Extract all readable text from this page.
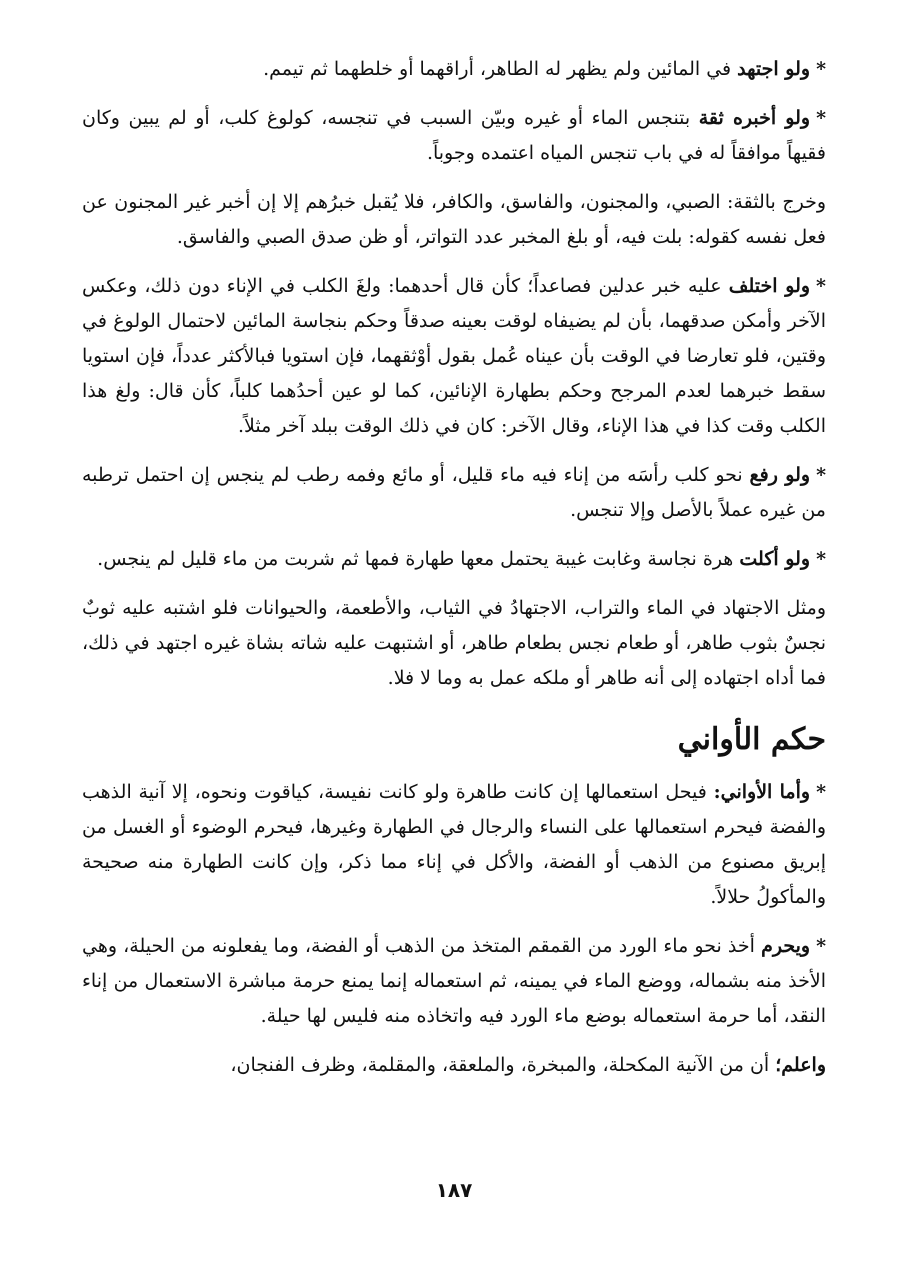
*ولو اجتهد في المائين ولم يظهر له الطاهر، أراقهما أو خلطهما ثم تيمم.
*ولو أخبره ثقة بتنجس الماء أو غيره وبيّن السبب في تنجسه، كولوغ كلب، أو لم يبين وكان فقيهاً موافقاً له في باب تنجس المياه اعتمده وجوباً.
وخرج بالثقة: الصبي، والمجنون، والفاسق، والكافر، فلا يُقبل خبرُهم إلا إن أخبر غير المجنون عن فعل نفسه كقوله: بلت فيه، أو بلغ المخبر عدد التواتر، أو ظن صدق الصبي والفاسق.
*ولو اختلف عليه خبر عدلين فصاعداً؛ كأن قال أحدهما: ولغَ الكلب في الإناء دون ذلك، وعكس الآخر وأمكن صدقهما، بأن لم يضيفاه لوقت بعينه صدقاً وحكم بنجاسة المائين لاحتمال الولوغ في وقتين، فلو تعارضا في الوقت بأن عيناه عُمل بقول أوْثقهما، فإن استويا فبالأكثر عدداً، فإن استويا سقط خبرهما لعدم المرجح وحكم بطهارة الإنائين، كما لو عين أحدُهما كلباً، كأن قال: ولغ هذا الكلب وقت كذا في هذا الإناء، وقال الآخر: كان في ذلك الوقت ببلد آخر مثلاً.
*ولو رفع نحو كلب رأسَه من إناء فيه ماء قليل، أو مائع وفمه رطب لم ينجس إن احتمل ترطبه من غيره عملاً بالأصل وإلا تنجس.
*ولو أكلت هرة نجاسة وغابت غيبة يحتمل معها طهارة فمها ثم شربت من ماء قليل لم ينجس.
ومثل الاجتهاد في الماء والتراب، الاجتهادُ في الثياب، والأطعمة، والحيوانات فلو اشتبه عليه ثوبٌ نجسٌ بثوب طاهر، أو طعام نجس بطعام طاهر، أو اشتبهت عليه شاته بشاة غيره اجتهد في ذلك، فما أداه اجتهاده إلى أنه طاهر أو ملكه عمل به وما لا فلا.
حكم الأواني
*وأما الأواني: فيحل استعمالها إن كانت طاهرة ولو كانت نفيسة، كياقوت ونحوه، إلا آنية الذهب والفضة فيحرم استعمالها على النساء والرجال في الطهارة وغيرها، فيحرم الوضوء أو الغسل من إبريق مصنوع من الذهب أو الفضة، والأكل في إناء مما ذكر، وإن كانت الطهارة منه صحيحة والمأكولُ حلالاً.
*ويحرم أخذ نحو ماء الورد من القمقم المتخذ من الذهب أو الفضة، وما يفعلونه من الحيلة، وهي الأخذ منه بشماله، ووضع الماء في يمينه، ثم استعماله إنما يمنع حرمة مباشرة الاستعمال من إناء النقد، أما حرمة استعماله بوضع ماء الورد فيه واتخاذه منه فليس لها حيلة.
واعلم؛ أن من الآنية المكحلة، والمبخرة، والملعقة، والمقلمة، وظرف الفنجان،
١٨٧
